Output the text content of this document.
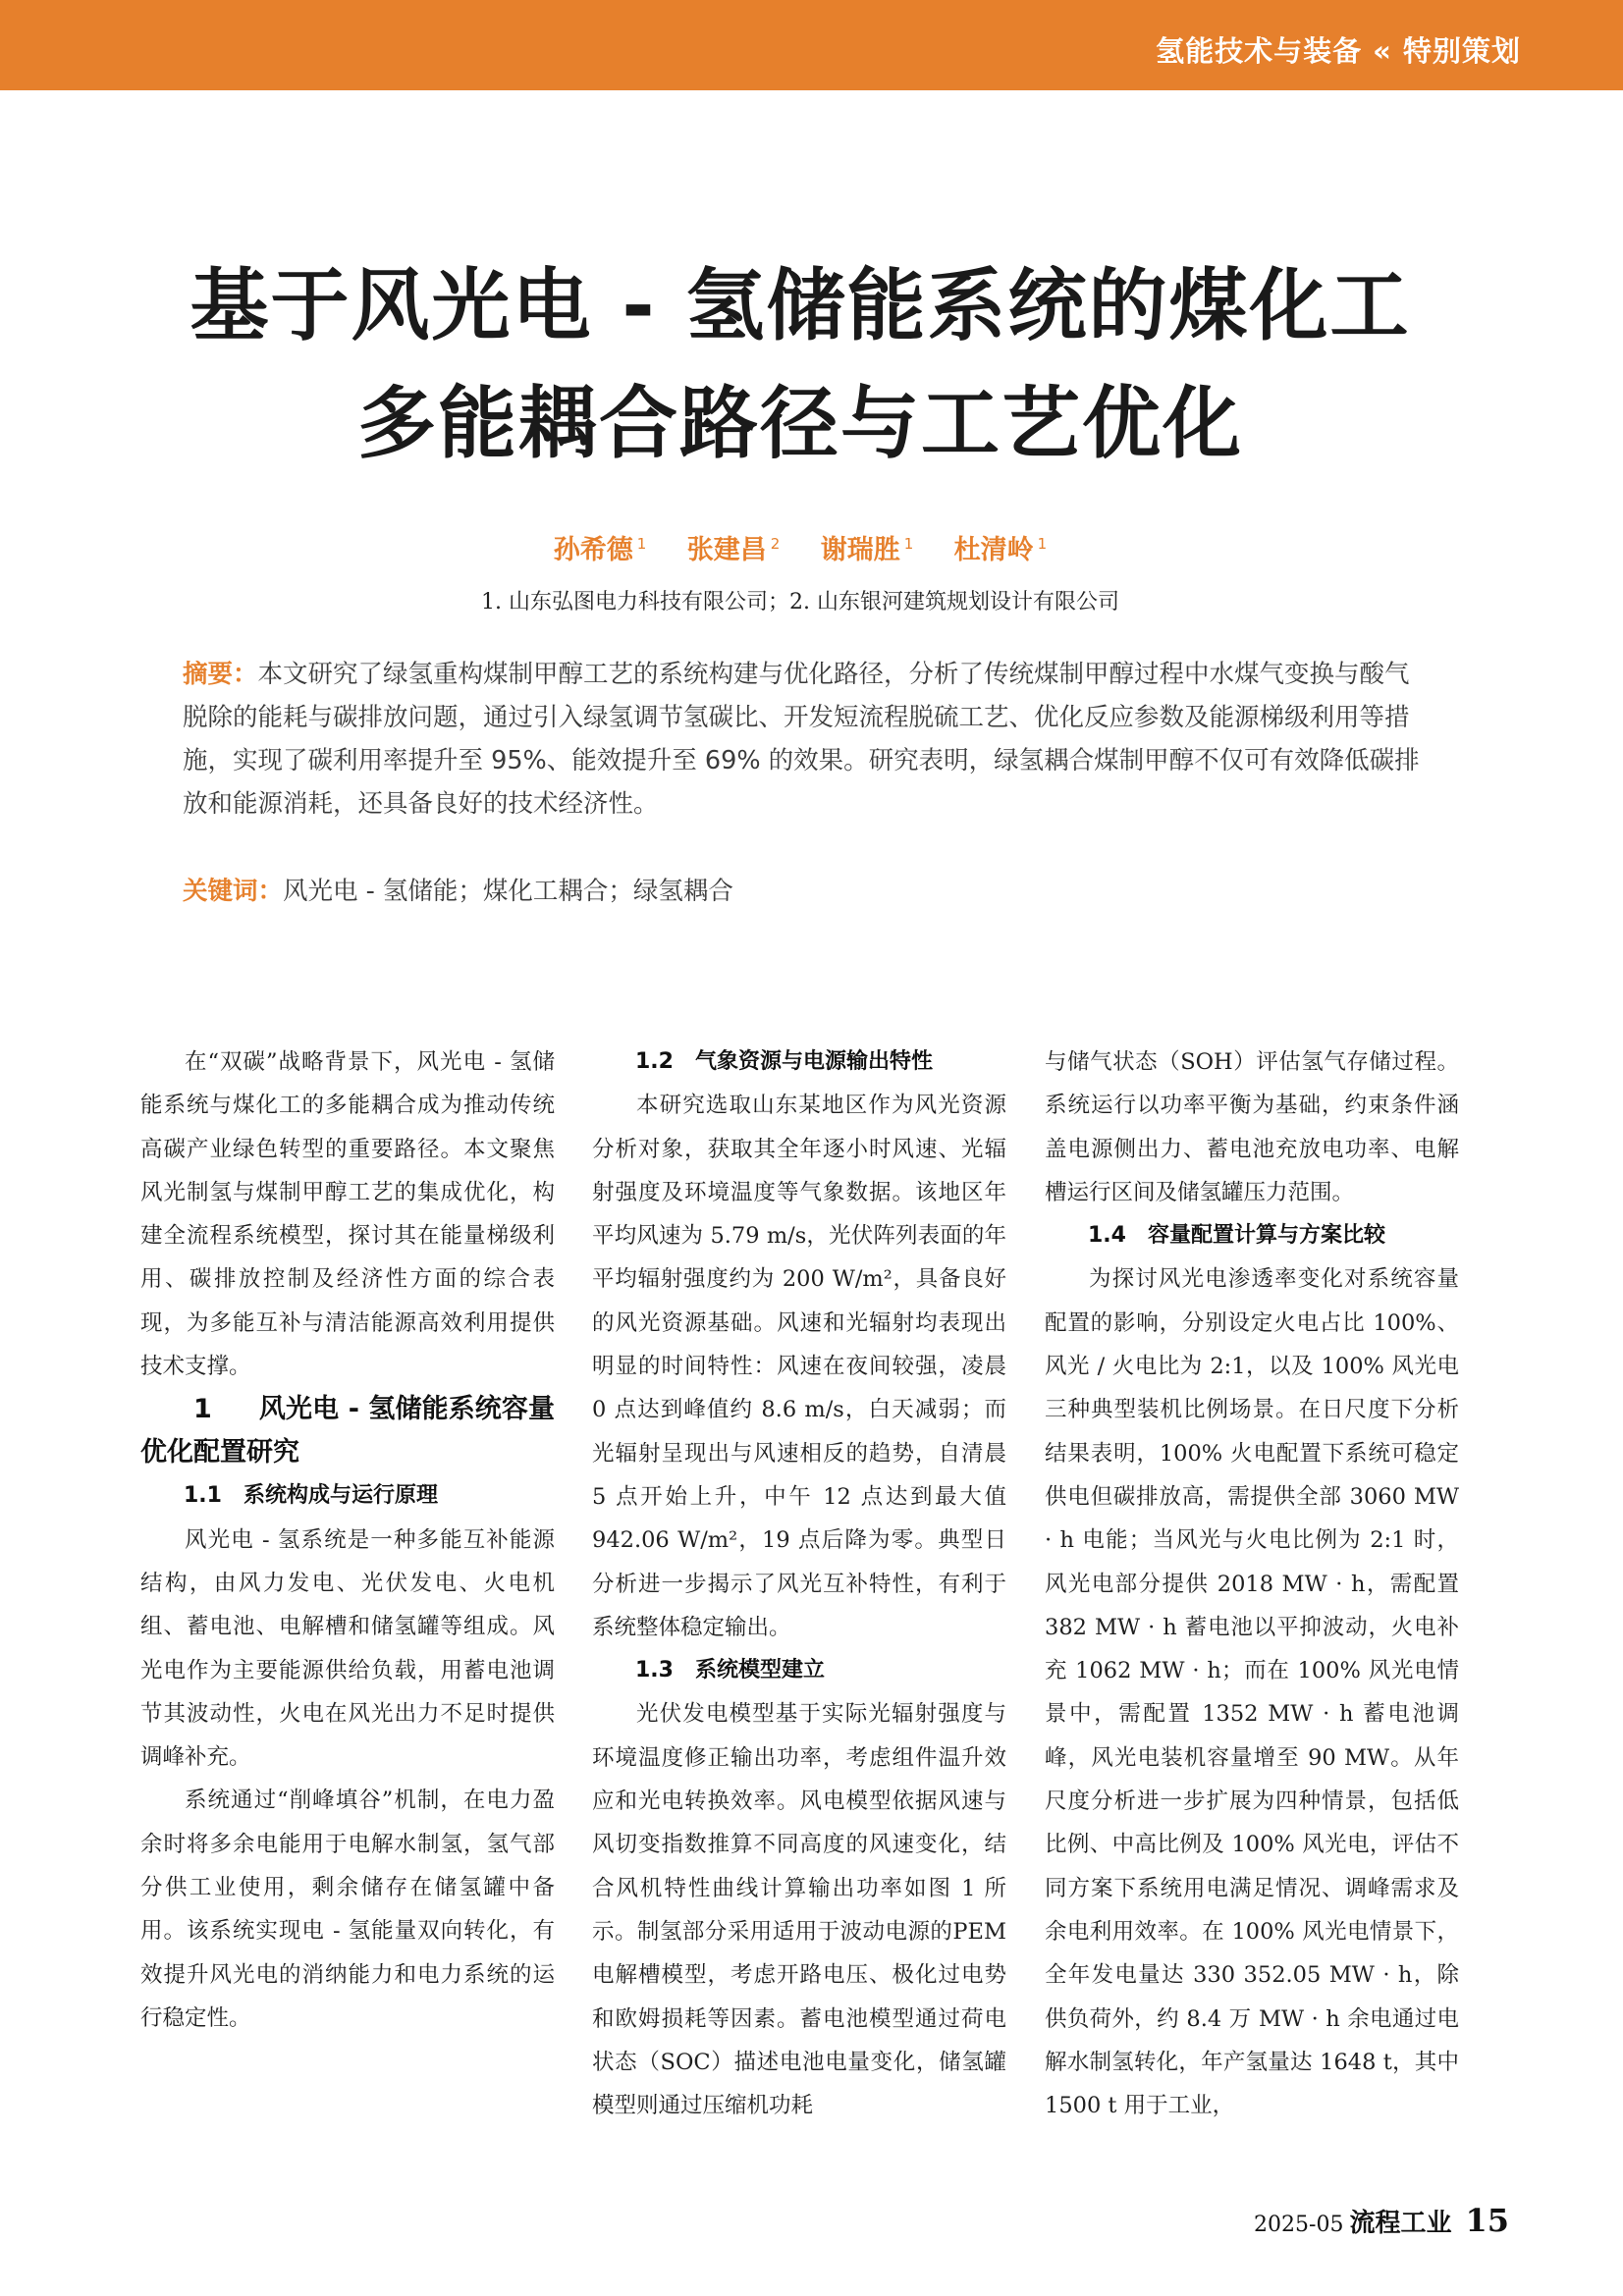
氢能技术与装备 « 特别策划
基于风光电 - 氢储能系统的煤化工
多能耦合路径与工艺优化
孙希德 $^1$ 张建昌 $^2$ 谢瑞胜 $^1$ 杜清岭 $^1$
1. 山东弘图电力科技有限公司；2. 山东银河建筑规划设计有限公司
摘要：本文研究了绿氢重构煤制甲醇工艺的系统构建与优化路径，分析了传统煤制甲醇过程中水煤气变换与酸气脱除的能耗与碳排放问题，通过引入绿氢调节氢碳比、开发短流程脱硫工艺、优化反应参数及能源梯级利用等措施，实现了碳利用率提升至 95%、能效提升至 69% 的效果。研究表明，绿氢耦合煤制甲醇不仅可有效降低碳排放和能源消耗，还具备良好的技术经济性。
关键词：风光电 - 氢储能；煤化工耦合；绿氢耦合

在“双碳”战略背景下，风光电 - 氢储能系统与煤化工的多能耦合成为推动传统高碳产业绿色转型的重要路径。本文聚焦风光制氢与煤制甲醇工艺的集成优化，构建全流程系统模型，探讨其在能量梯级利用、碳排放控制及经济性方面的综合表现，为多能互补与清洁能源高效利用提供技术支撑。

1 风光电 - 氢储能系统容量优化配置研究

1.1 系统构成与运行原理

风光电 - 氢系统是一种多能互补能源结构，由风力发电、光伏发电、火电机组、蓄电池、电解槽和储氢罐等组成。风光电作为主要能源供给负载，用蓄电池调节其波动性，火电在风光出力不足时提供调峰补充。

系统通过“削峰填谷”机制，在电力盈余时将多余电能用于电解水制氢，氢气部分供工业使用，剩余储存在储氢罐中备用。该系统实现电 - 氢能量双向转化，有效提升风光电的消纳能力和电力系统的运行稳定性。

1.2 气象资源与电源输出特性

本研究选取山东某地区作为风光资源分析对象，获取其全年逐小时风速、光辐射强度及环境温度等气象数据。该地区年平均风速为 5.79 m/s，光伏阵列表面的年平均辐射强度约为 200 W/m²，具备良好的风光资源基础。风速和光辐射均表现出明显的时间特性：风速在夜间较强，凌晨 0 点达到峰值约 8.6 m/s，白天减弱；而光辐射呈现出与风速相反的趋势，自清晨 5 点开始上升，中午 12 点达到最大值 942.06 W/m²，19 点后降为零。典型日分析进一步揭示了风光互补特性，有利于系统整体稳定输出。

1.3 系统模型建立

光伏发电模型基于实际光辐射强度与环境温度修正输出功率，考虑组件温升效应和光电转换效率。风电模型依据风速与风切变指数推算不同高度的风速变化，结合风机特性曲线计算输出功率如图 1 所示。制氢部分采用适用于波动电源的PEM电解槽模型，考虑开路电压、极化过电势和欧姆损耗等因素。蓄电池模型通过荷电状态（SOC）描述电池电量变化，储氢罐模型则通过压缩机功耗

与储气状态（SOH）评估氢气存储过程。系统运行以功率平衡为基础，约束条件涵盖电源侧出力、蓄电池充放电功率、电解槽运行区间及储氢罐压力范围。

1.4 容量配置计算与方案比较

为探讨风光电渗透率变化对系统容量配置的影响，分别设定火电占比 100%、风光 / 火电比为 2:1，以及 100% 风光电三种典型装机比例场景。在日尺度下分析结果表明，100% 火电配置下系统可稳定供电但碳排放高，需提供全部 3060 MW · h 电能；当风光与火电比例为 2:1 时，风光电部分提供 2018 MW · h，需配置 382 MW · h 蓄电池以平抑波动，火电补充 1062 MW · h；而在 100% 风光电情景中，需配置 1352 MW · h 蓄电池调峰，风光电装机容量增至 90 MW。从年尺度分析进一步扩展为四种情景，包括低比例、中高比例及 100% 风光电，评估不同方案下系统用电满足情况、调峰需求及余电利用效率。在 100% 风光电情景下，全年发电量达 330 352.05 MW · h，除供负荷外，约 8.4 万 MW · h 余电通过电解水制氢转化，年产氢量达 1648 t，其中 1500 t 用于工业，

2025-05 流程工业 15
